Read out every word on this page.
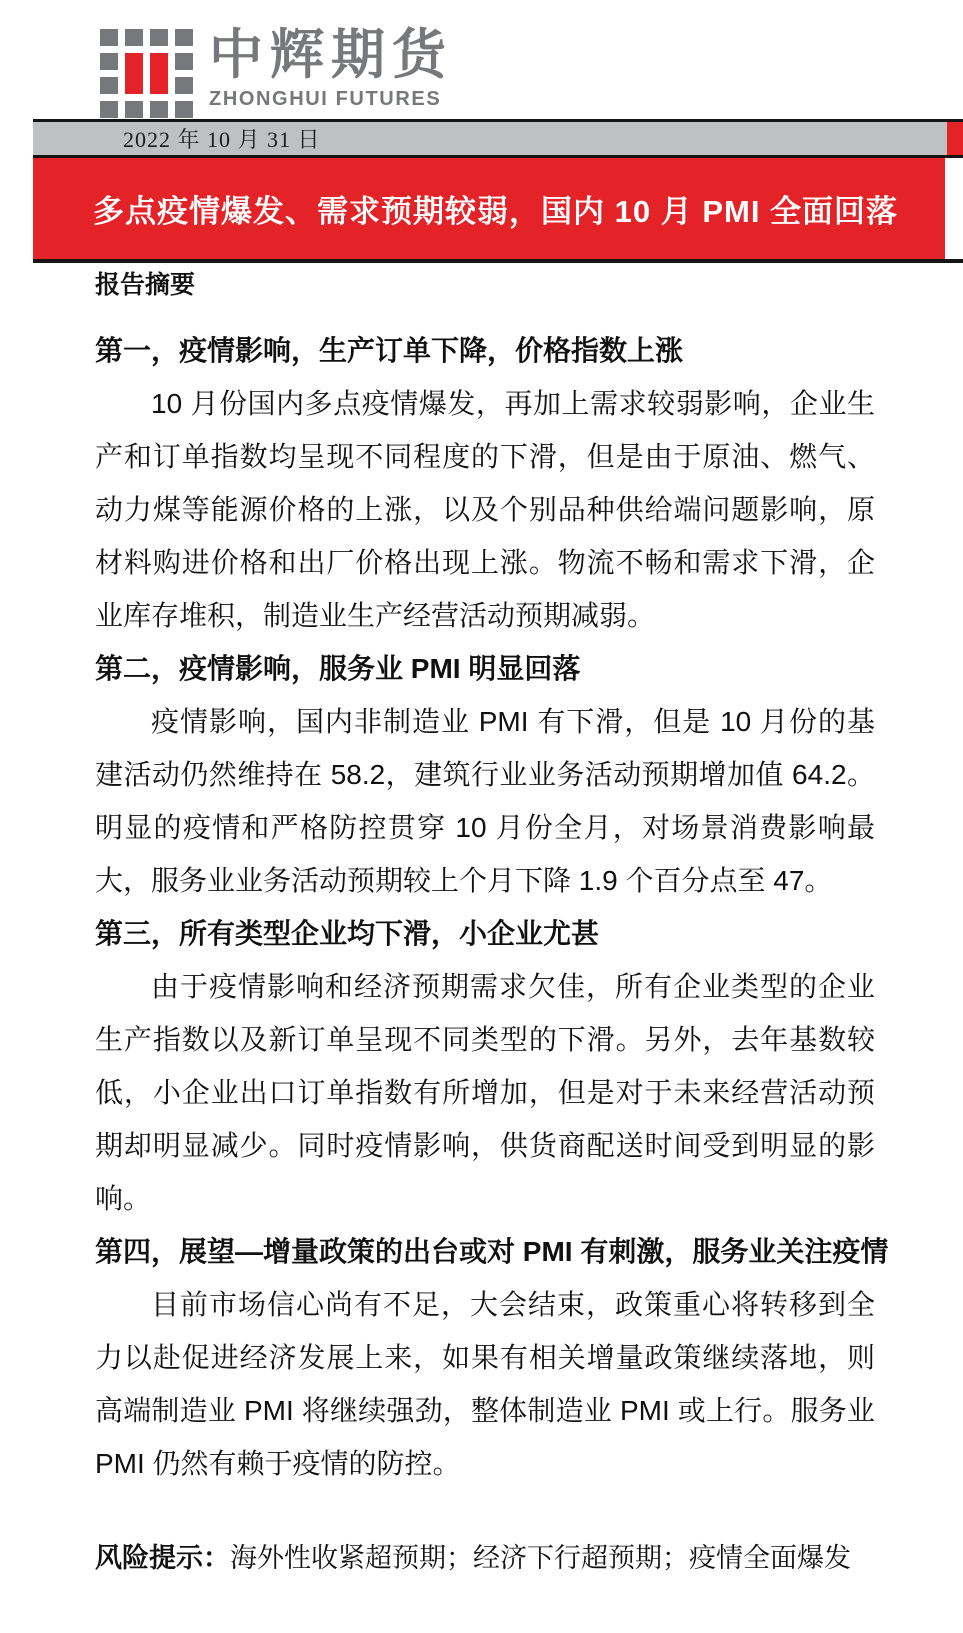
中辉期货
ZHONGHUI FUTURES
2022 年 10 月 31 日
多点疫情爆发、需求预期较弱，国内 10 月 PMI 全面回落
报告摘要
第一，疫情影响，生产订单下降，价格指数上涨
10 月份国内多点疫情爆发，再加上需求较弱影响，企业生产和订单指数均呈现不同程度的下滑，但是由于原油、燃气、动力煤等能源价格的上涨，以及个别品种供给端问题影响，原材料购进价格和出厂价格出现上涨。物流不畅和需求下滑，企业库存堆积，制造业生产经营活动预期减弱。
第二，疫情影响，服务业 PMI 明显回落
疫情影响，国内非制造业 PMI 有下滑，但是 10 月份的基建活动仍然维持在 58.2，建筑行业业务活动预期增加值 64.2。明显的疫情和严格防控贯穿 10 月份全月，对场景消费影响最大，服务业业务活动预期较上个月下降 1.9 个百分点至 47。
第三，所有类型企业均下滑，小企业尤甚
由于疫情影响和经济预期需求欠佳，所有企业类型的企业生产指数以及新订单呈现不同类型的下滑。另外，去年基数较低，小企业出口订单指数有所增加，但是对于未来经营活动预期却明显减少。同时疫情影响，供货商配送时间受到明显的影响。
第四，展望—增量政策的出台或对 PMI 有刺激，服务业关注疫情
目前市场信心尚有不足，大会结束，政策重心将转移到全力以赴促进经济发展上来，如果有相关增量政策继续落地，则高端制造业 PMI 将继续强劲，整体制造业 PMI 或上行。服务业 PMI 仍然有赖于疫情的防控。
风险提示：海外性收紧超预期；经济下行超预期；疫情全面爆发
